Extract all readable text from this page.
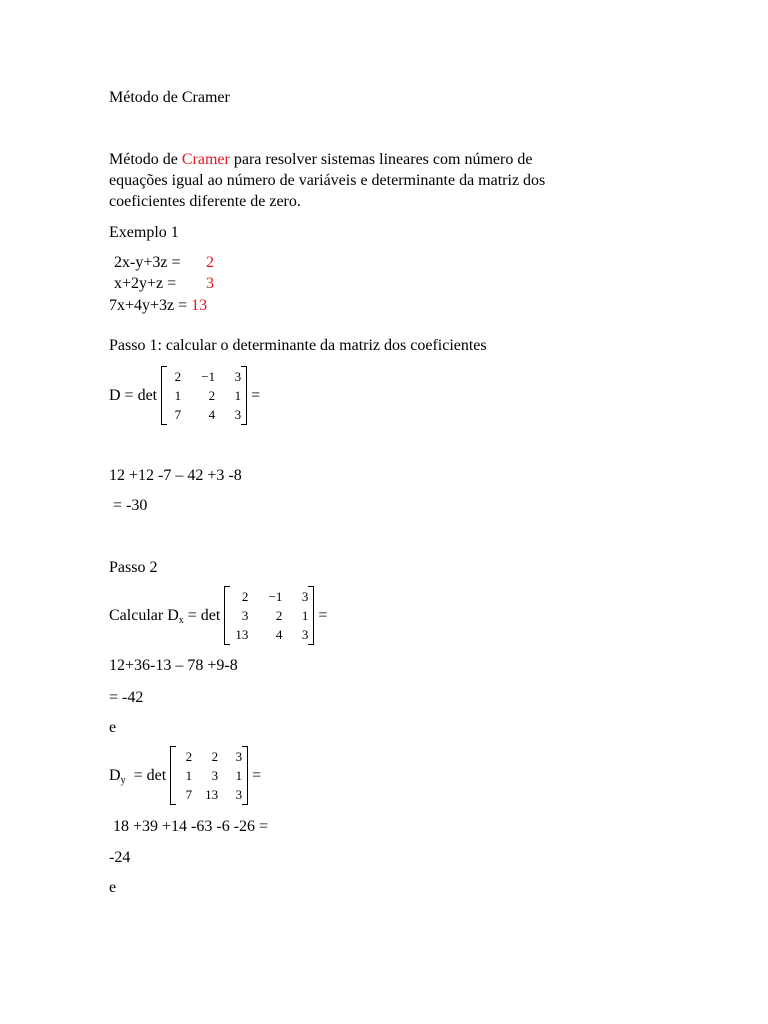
Método de Cramer
Método de Cramer para resolver sistemas lineares com número de
equações igual ao número de variáveis e determinante da matriz dos
coeficientes diferente de zero.
Exemplo 1
2x-y+3z = 2
x+2y+z = 3
7x+4y+3z = 13
Passo 1: calcular o determinante da matriz dos coeficientes
D = det
2	−1	3
1	2	1
7	4	3
=
12 +12 -7 – 42 +3 -8
= -30
Passo 2
Calcular $D_x = \det$
2	−1	3
3	2	1
13	4	3
=
12+36-13 – 78 +9-8
= -42
e
$D_y = \det$
2	2	3
1	3	1
7	13	3
=
18 +39 +14 -63 -6 -26 =
-24
e
